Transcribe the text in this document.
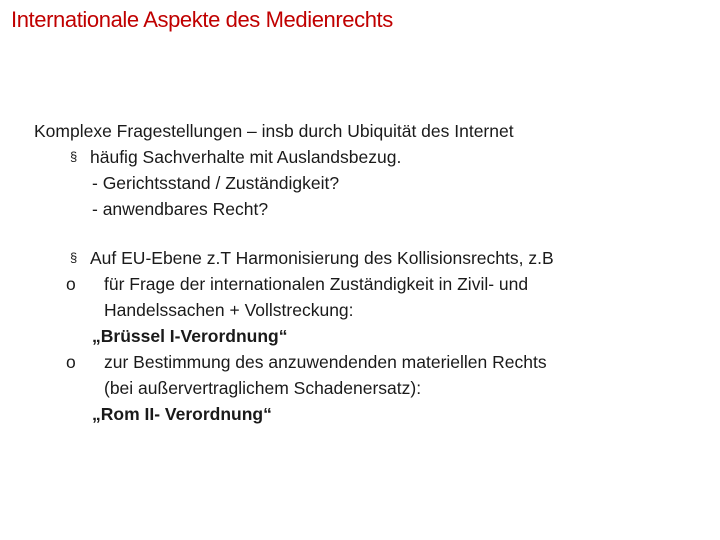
Internationale Aspekte des Medienrechts
Komplexe Fragestellungen – insb durch Ubiquität des Internet
§ häufig Sachverhalte mit Auslandsbezug.
- Gerichtsstand / Zuständigkeit?
- anwendbares Recht?
§ Auf EU-Ebene z.T Harmonisierung des Kollisionsrechts, z.B
o für Frage der internationalen Zuständigkeit in Zivil- und
Handelssachen + Vollstreckung:
„Brüssel I-Verordnung“
o zur Bestimmung des anzuwendenden materiellen Rechts
(bei außervertraglichem Schadenersatz):
„Rom II- Verordnung“
